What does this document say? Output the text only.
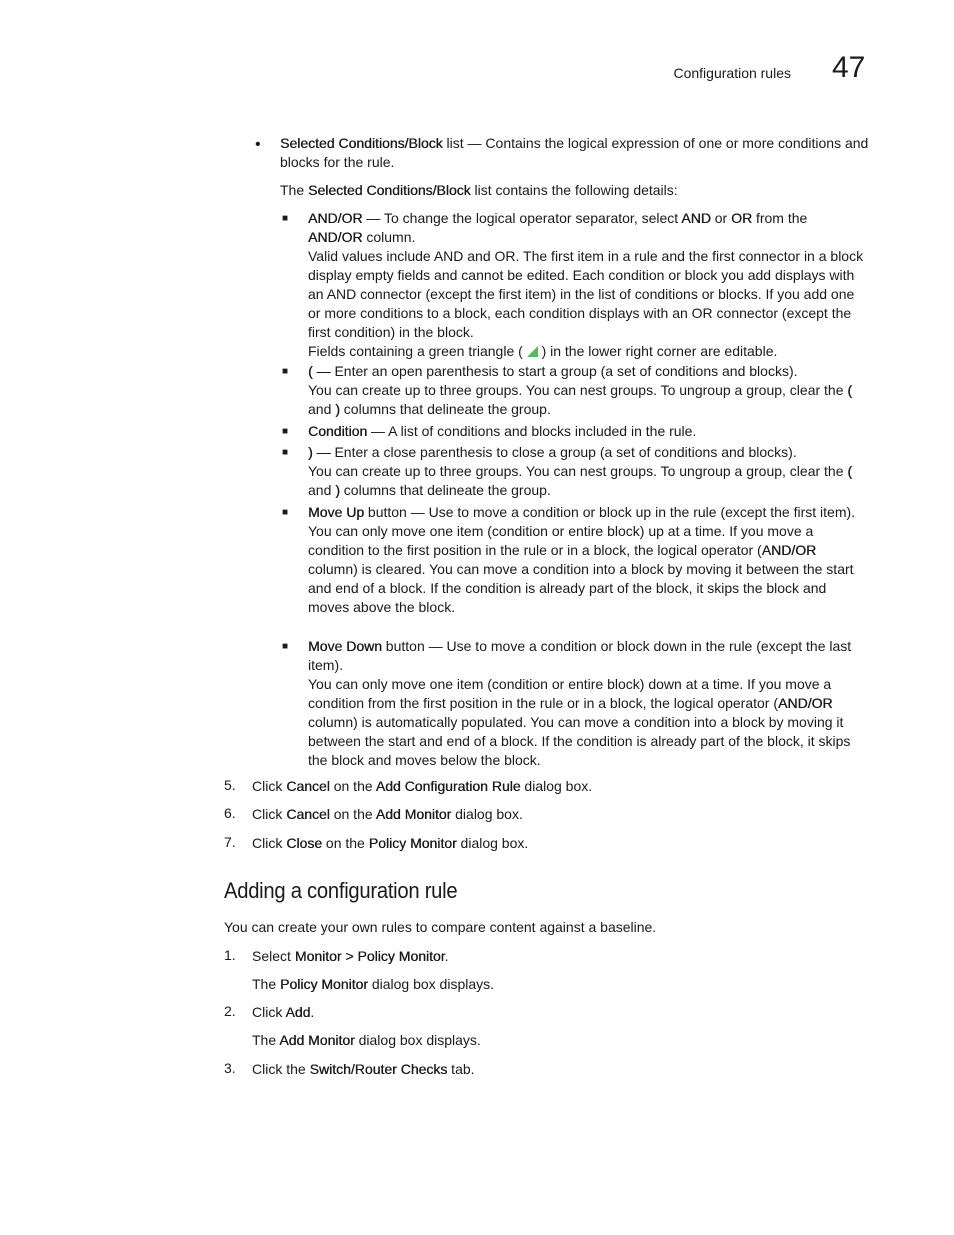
Configuration rules 47
• Selected Conditions/Block list — Contains the logical expression of one or more conditions and blocks for the rule.

The Selected Conditions/Block list contains the following details:

■ AND/OR — To change the logical operator separator, select AND or OR from the
AND/OR column.

Valid values include AND and OR. The first item in a rule and the first connector in a block display empty fields and cannot be edited. Each condition or block you add displays with an AND connector (except the first item) in the list of conditions or blocks. If you add one or more conditions to a block, each condition displays with an OR connector (except the first condition) in the block.

Fields containing a green triangle ( ) in the lower right corner are editable.

■ ( — Enter an open parenthesis to start a group (a set of conditions and blocks).

You can create up to three groups. You can nest groups. To ungroup a group, clear the ( and ) columns that delineate the group.

■ Condition — A list of conditions and blocks included in the rule.

■ ) — Enter a close parenthesis to close a group (a set of conditions and blocks).

You can create up to three groups. You can nest groups. To ungroup a group, clear the ( and ) columns that delineate the group.

■ Move Up button — Use to move a condition or block up in the rule (except the first item).

You can only move one item (condition or entire block) up at a time. If you move a condition to the first position in the rule or in a block, the logical operator (AND/OR column) is cleared. You can move a condition into a block by moving it between the start and end of a block. If the condition is already part of the block, it skips the block and moves above the block.

■ Move Down button — Use to move a condition or block down in the rule (except the last item).

You can only move one item (condition or entire block) down at a time. If you move a condition from the first position in the rule or in a block, the logical operator (AND/OR column) is automatically populated. You can move a condition into a block by moving it between the start and end of a block. If the condition is already part of the block, it skips the block and moves below the block.

5. Click Cancel on the Add Configuration Rule dialog box.

6. Click Cancel on the Add Monitor dialog box.

7. Click Close on the Policy Monitor dialog box.

Adding a configuration rule

You can create your own rules to compare content against a baseline.

1. Select Monitor > Policy Monitor.

The Policy Monitor dialog box displays.

2. Click Add.

The Add Monitor dialog box displays.

3. Click the Switch/Router Checks tab.
